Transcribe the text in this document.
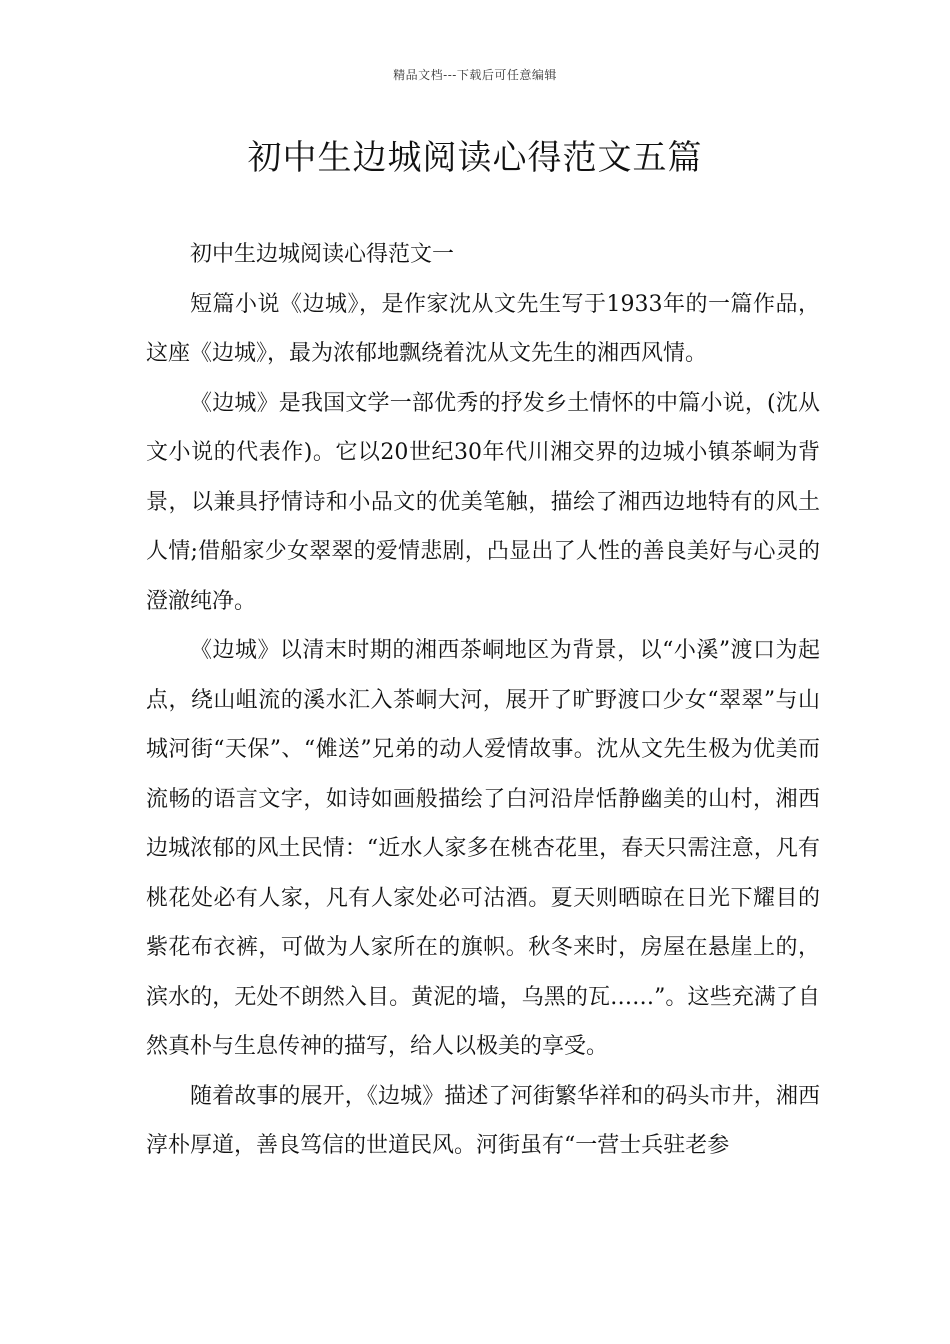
精品文档---下载后可任意编辑
初中生边城阅读心得范文五篇

初中生边城阅读心得范文一

短篇小说《边城》，是作家沈从文先生写于1933年的一篇作品，这座《边城》，最为浓郁地飘绕着沈从文先生的湘西风情。

《边城》是我国文学一部优秀的抒发乡土情怀的中篇小说，(沈从文小说的代表作)。它以20世纪30年代川湘交界的边城小镇茶峒为背景，以兼具抒情诗和小品文的优美笔触，描绘了湘西边地特有的风土人情;借船家少女翠翠的爱情悲剧，凸显出了人性的善良美好与心灵的澄澈纯净。

《边城》以清末时期的湘西茶峒地区为背景，以“小溪”渡口为起点，绕山岨流的溪水汇入茶峒大河，展开了旷野渡口少女“翠翠”与山城河街“天保”、“傩送”兄弟的动人爱情故事。沈从文先生极为优美而流畅的语言文字，如诗如画般描绘了白河沿岸恬静幽美的山村，湘西边城浓郁的风土民情：“近水人家多在桃杏花里，春天只需注意，凡有桃花处必有人家，凡有人家处必可沽酒。夏天则晒晾在日光下耀目的紫花布衣裤，可做为人家所在的旗帜。秋冬来时，房屋在悬崖上的，滨水的，无处不朗然入目。黄泥的墙，乌黑的瓦……”。这些充满了自然真朴与生息传神的描写，给人以极美的享受。

随着故事的展开，《边城》描述了河街繁华祥和的码头市井，湘西淳朴厚道，善良笃信的世道民风。河街虽有“一营士兵驻老参
